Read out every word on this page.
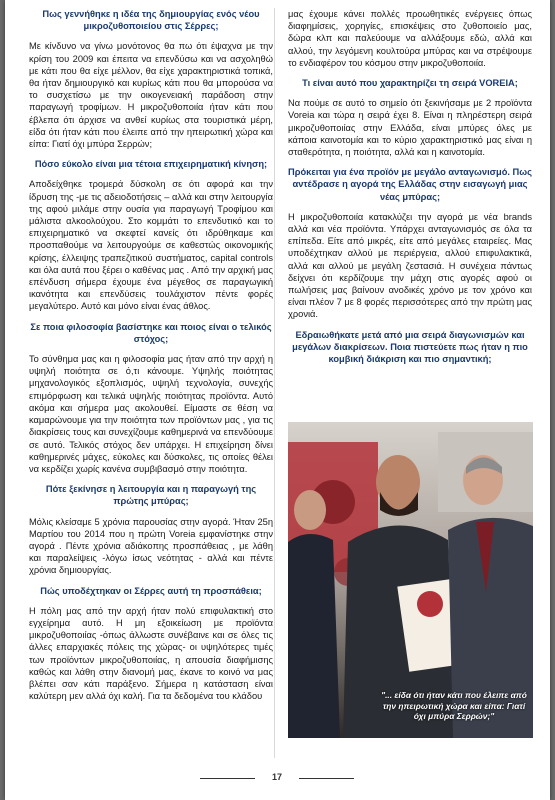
Πως γεννήθηκε η ιδέα της δημιουργίας ενός νέου μικροζυθοποιείου στις Σέρρες;
Με κίνδυνο να γίνω μονότονος θα πω ότι έψαχνα με την κρίση του 2009 και έπειτα να επενδύσω και να ασχοληθώ με κάτι που θα είχε μέλλον, θα είχε χαρακτηριστικά τοπικά, θα ήταν δημιουργικό και κυρίως κάτι που θα μπορούσα να το συσχετίσω με την οικογενειακή παράδοση στην παραγωγή τροφίμων. Η μικροζυθοποιία ήταν κάτι που έβλεπα ότι άρχισε να ανθεί κυρίως στα τουριστικά μέρη, είδα ότι ήταν κάτι που έλειπε από την ηπειρωτική χώρα και είπα: Γιατί όχι μπύρα Σερρών;
Πόσο εύκολο είναι μια τέτοια επιχειρηματική κίνηση;
Αποδείχθηκε τρομερά δύσκολη σε ότι αφορά και την ίδρυση της -με τις αδειοδοτήσεις – αλλά και στην λειτουργία της αφού μιλάμε στην ουσία για παραγωγή Τροφίμου και μάλιστα αλκοολούχου. Στο κομμάτι το επενδυτικό και το επιχειρηματικό να σκεφτεί κανείς ότι ιδρύθηκαμε και προσπαθούμε να λειτουργούμε σε καθεστώς οικονομικής κρίσης, έλλειψης τραπεζιτικού συστήματος, capital controls και όλα αυτά που ξέρει ο καθένας μας . Από την αρχική μας επένδυση σήμερα έχουμε ένα μέγεθος σε παραγωγική ικανότητα και επενδύσεις τουλάχιστον πέντε φορές μεγαλύτερο. Αυτό και μόνο είναι ένας άθλος.
Σε ποια φιλοσοφία βασίστηκε και ποιος είναι ο τελικός στόχος;
Το σύνθημα μας και η φιλοσοφία μας ήταν από την αρχή η υψηλή ποιότητα σε ό,τι κάνουμε. Υψηλής ποιότητας μηχανολογικός εξοπλισμός, υψηλή τεχνολογία, συνεχής επιμόρφωση και τελικά υψηλής ποιότητας προϊόντα. Αυτό ακόμα και σήμερα μας ακολουθεί. Είμαστε σε θέση να καμαρώνουμε για την ποιότητα των προϊόντων μας , για τις διακρίσεις τους και συνεχίζουμε καθημερινά να επενδύουμε σε αυτό. Τελικός στόχος δεν υπάρχει. Η επιχείρηση δίνει καθημερινές μάχες, εύκολες και δύσκολες, τις οποίες θέλει να κερδίζει χωρίς κανένα συμβιβασμό στην ποιότητα.
Πότε ξεκίνησε η λειτουργία και η παραγωγή της πρώτης μπύρας;
Μόλις κλείσαμε 5 χρόνια παρουσίας στην αγορά. Ήταν 25η Μαρτίου του 2014 που η πρώτη Voreia εμφανίστηκε στην αγορά . Πέντε χρόνια αδιάκοπης προσπάθειας , με λάθη και παραλείψεις -λόγω ίσως νεότητας - αλλά και πέντε χρόνια δημιουργίας.
Πώς υποδέχτηκαν οι Σέρρες αυτή τη προσπάθεια;
Η πόλη μας από την αρχή ήταν πολύ επιφυλακτική στο εγχείρημα αυτό. Η μη εξοικείωση με προϊόντα μικροζυθοποιίας -όπως άλλωστε συνέβαινε και σε όλες τις άλλες επαρχιακές πόλεις της χώρας- οι υψηλότερες τιμές των προϊόντων μικροζυθοποιίας, η απουσία διαφήμισης καθώς και λάθη στην διανομή μας, έκανε το κοινό να μας βλέπει σαν κάτι παράξενο. Σήμερα η κατάσταση είναι καλύτερη μεν αλλά όχι καλή. Για τα δεδομένα του κλάδου
μας έχουμε κάνει πολλές προωθητικές ενέργειες όπως διαφημίσεις, χορηγίες, επισκέψεις στο ζυθοποιείο μας, δώρα κλπ και παλεύουμε να αλλάξουμε εδώ, αλλά και αλλού, την λεγόμενη κουλτούρα μπύρας και να στρέψουμε το ενδιαφέρον του κόσμου στην μικροζυθοποιία.
Τι είναι αυτό που χαρακτηρίζει τη σειρά VOREIA;
Να πούμε σε αυτό το σημείο ότι ξεκινήσαμε με 2 προϊόντα Voreia και τώρα η σειρά έχει 8. Είναι η πληρέστερη σειρά μικροζυθοποιίας στην Ελλάδα, είναι μπύρες όλες με κάποια καινοτομία και το κύριο χαρακτηριστικό μας είναι η σταθερότητα, η ποιότητα, αλλά και η καινοτομία.
Πρόκειται για ένα προϊόν με μεγάλο ανταγωνισμό. Πως αντέδρασε η αγορά της Ελλάδας στην εισαγωγή μιας νέας μπύρας;
Η μικροζυθοποιία κατακλύζει την αγορά με νέα brands αλλά και νέα προϊόντα. Υπάρχει ανταγωνισμός σε όλα τα επίπεδα. Είτε από μικρές, είτε από μεγάλες εταιρείες. Μας υποδέχτηκαν αλλού με περιέργεια, αλλού επιφυλακτικά, αλλά και αλλού με μεγάλη ζεστασιά. Η συνέχεια πάντως δείχνει ότι κερδίζουμε την μάχη στις αγορές αφού οι πωλήσεις μας βαίνουν ανοδικές χρόνο με τον χρόνο και είναι πλέον 7 με 8 φορές περισσότερες από την πρώτη μας χρονιά.
Εδραιωθήκατε μετά από μια σειρά διαγωνισμών και μεγάλων διακρίσεων. Ποια πιστεύετε πως ήταν η πιο κομβική διάκριση και πιο σημαντική;
"... είδα ότι ήταν κάτι που έλειπε από την ηπειρωτική χώρα και είπα: Γιατί όχι μπύρα Σερρών;"
17
